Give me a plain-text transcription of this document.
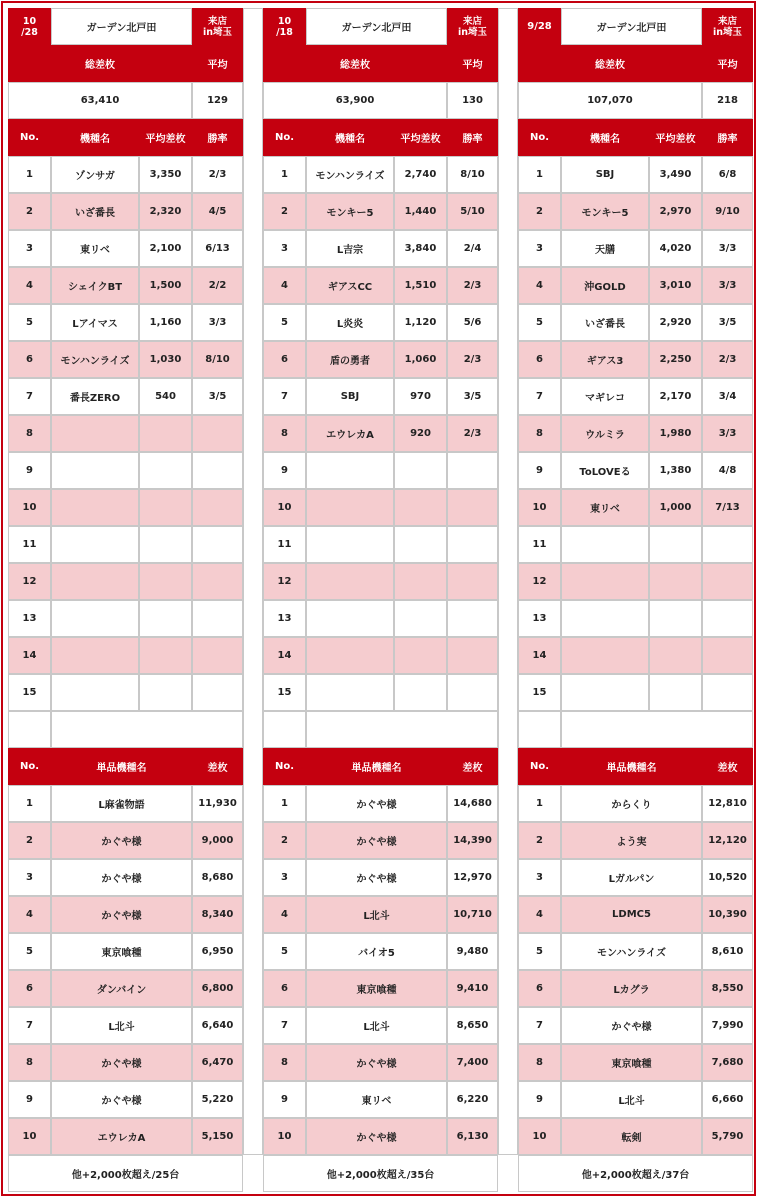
10
/28	ガーデン北戸田
来店
in埼玉
総差枚	平均
63,410	129
No.	機種名	平均差枚	勝率
1	ゾンサガ	3,350	2/3
2	いざ番長	2,320	4/5
3	東リベ	2,100	6/13
4	シェイクBT	1,500	2/2
5	Lアイマス	1,160	3/3
6	モンハンライズ	1,030	8/10
7	番長ZERO	540	3/5
8
9
10
11
12
13
14
15
No.	単品機種名	差枚
1	L麻雀物語	11,930
2	かぐや様	9,000
3	かぐや様	8,680
4	かぐや様	8,340
5	東京喰種	6,950
6	ダンバイン	6,800
7	L北斗	6,640
8	かぐや様	6,470
9	かぐや様	5,220
10	エウレカA	5,150
他+2,000枚超え/25台
10
/18	ガーデン北戸田
来店
in埼玉
総差枚	平均
63,900	130
No.	機種名	平均差枚	勝率
1	モンハンライズ	2,740	8/10
2	モンキー5	1,440	5/10
3	L吉宗	3,840	2/4
4	ギアスCC	1,510	2/3
5	L炎炎	1,120	5/6
6	盾の勇者	1,060	2/3
7	SBJ	970	3/5
8	エウレカA	920	2/3
9
10
11
12
13
14
15
No.	単品機種名	差枚
1	かぐや様	14,680
2	かぐや様	14,390
3	かぐや様	12,970
4	L北斗	10,710
5	バイオ5	9,480
6	東京喰種	9,410
7	L北斗	8,650
8	かぐや様	7,400
9	東リベ	6,220
10	かぐや様	6,130
他+2,000枚超え/35台
9/28	ガーデン北戸田
来店
in埼玉
総差枚	平均
107,070	218
No.	機種名	平均差枚	勝率
1	SBJ	3,490	6/8
2	モンキー5	2,970	9/10
3	天膳	4,020	3/3
4	沖GOLD	3,010	3/3
5	いざ番長	2,920	3/5
6	ギアス3	2,250	2/3
7	マギレコ	2,170	3/4
8	ウルミラ	1,980	3/3
9	ToLOVEる	1,380	4/8
10	東リベ	1,000	7/13
11
12
13
14
15
No.	単品機種名	差枚
1	からくり	12,810
2	よう実	12,120
3	Lガルパン	10,520
4	LDMC5	10,390
5	モンハンライズ	8,610
6	Lカグラ	8,550
7	かぐや様	7,990
8	東京喰種	7,680
9	L北斗	6,660
10	転剣	5,790
他+2,000枚超え/37台
